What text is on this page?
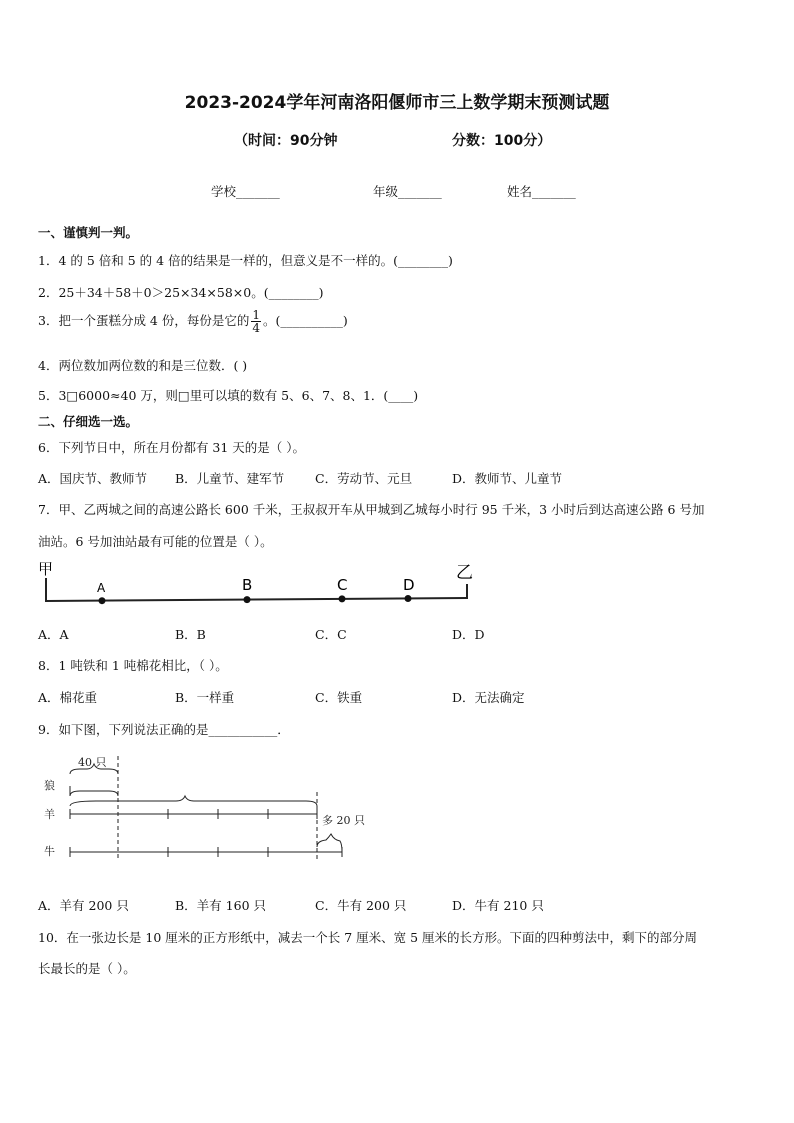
2023-2024学年河南洛阳偃师市三上数学期末预测试题
（时间：90分钟	分数：100分）
学校_______	年级_______	姓名_______
一、谨慎判一判。
1．4 的 5 倍和 5 的 4 倍的结果是一样的，但意义是不一样的。(________)
2．25＋34＋58＋0＞25×34×58×0。(________)
3．把一个蛋糕分成 4 份，每份是它的 $\frac{1}{4}$ 。(__________)
4．两位数加两位数的和是三位数．( )
5．3□6000≈40 万，则□里可以填的数有 5、6、7、8、1．(____)
二、仔细选一选。
6．下列节日中，所在月份都有 31 天的是（ ）。
A．国庆节、教师节 B．儿童节、建军节 C．劳动节、元旦	D．教师节、儿童节
7．甲、乙两城之间的高速公路长 600 千米，王叔叔开车从甲城到乙城每小时行 95 千米，3 小时后到达高速公路 6 号加
油站。6 号加油站最有可能的位置是（ ）。
甲	乙
A	B	C	D
A．A	B．B	C．C	D．D
8．1 吨铁和 1 吨棉花相比，（ ）。
A．棉花重	B．一样重	C．铁重	D．无法确定
9．如下图，下列说法正确的是___________．
狼
羊
牛
40 只
多 20 只
A．羊有 200 只	B．羊有 160 只	C．牛有 200 只	D．牛有 210 只
10．在一张边长是 10 厘米的正方形纸中，减去一个长 7 厘米、宽 5 厘米的长方形。下面的四种剪法中，剩下的部分周
长最长的是（ ）。
